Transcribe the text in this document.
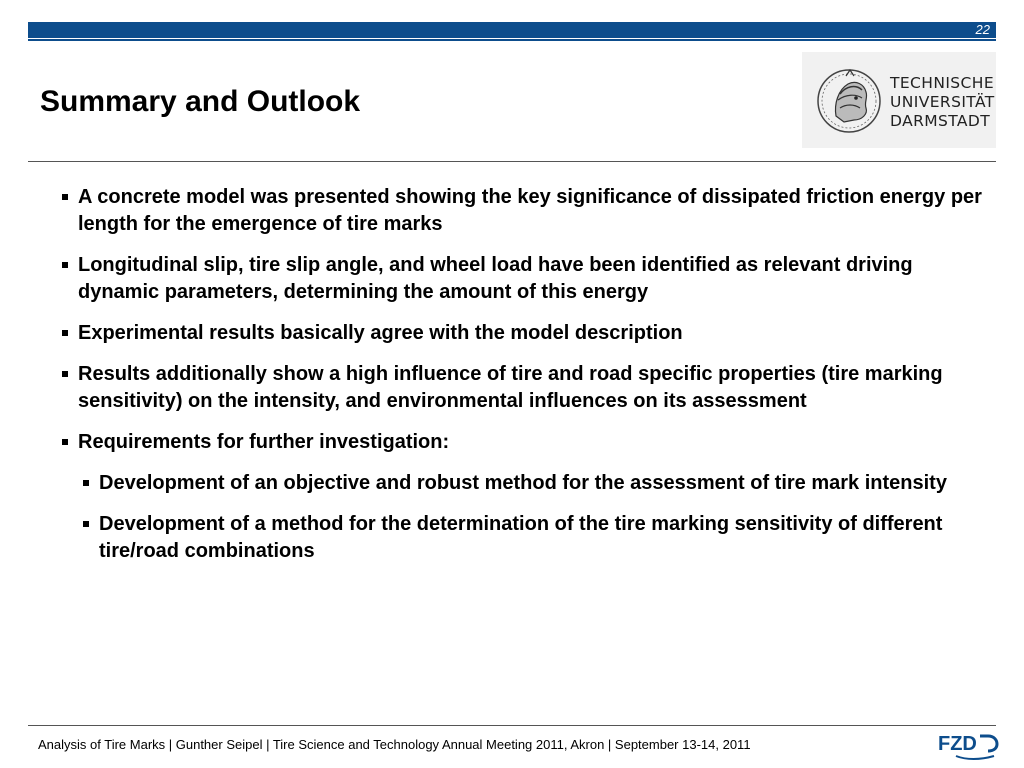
22
Summary and Outlook
TECHNISCHE
UNIVERSITÄT
DARMSTADT
A concrete model was presented showing the key significance of dissipated friction energy per length for the emergence of tire marks
Longitudinal slip, tire slip angle, and wheel load have been identified as relevant driving dynamic parameters, determining the amount of this energy
Experimental results basically agree with the model description
Results additionally show a high influence of tire and road specific properties (tire marking sensitivity) on the intensity, and environmental influences on its assessment
Requirements for further investigation:
Development of an objective and robust method for the assessment of tire mark intensity
Development of a method for the determination of the tire marking sensitivity of different tire/road combinations
Analysis of Tire Marks | Gunther Seipel | Tire Science and Technology Annual Meeting 2011, Akron | September 13-14, 2011	FZD
